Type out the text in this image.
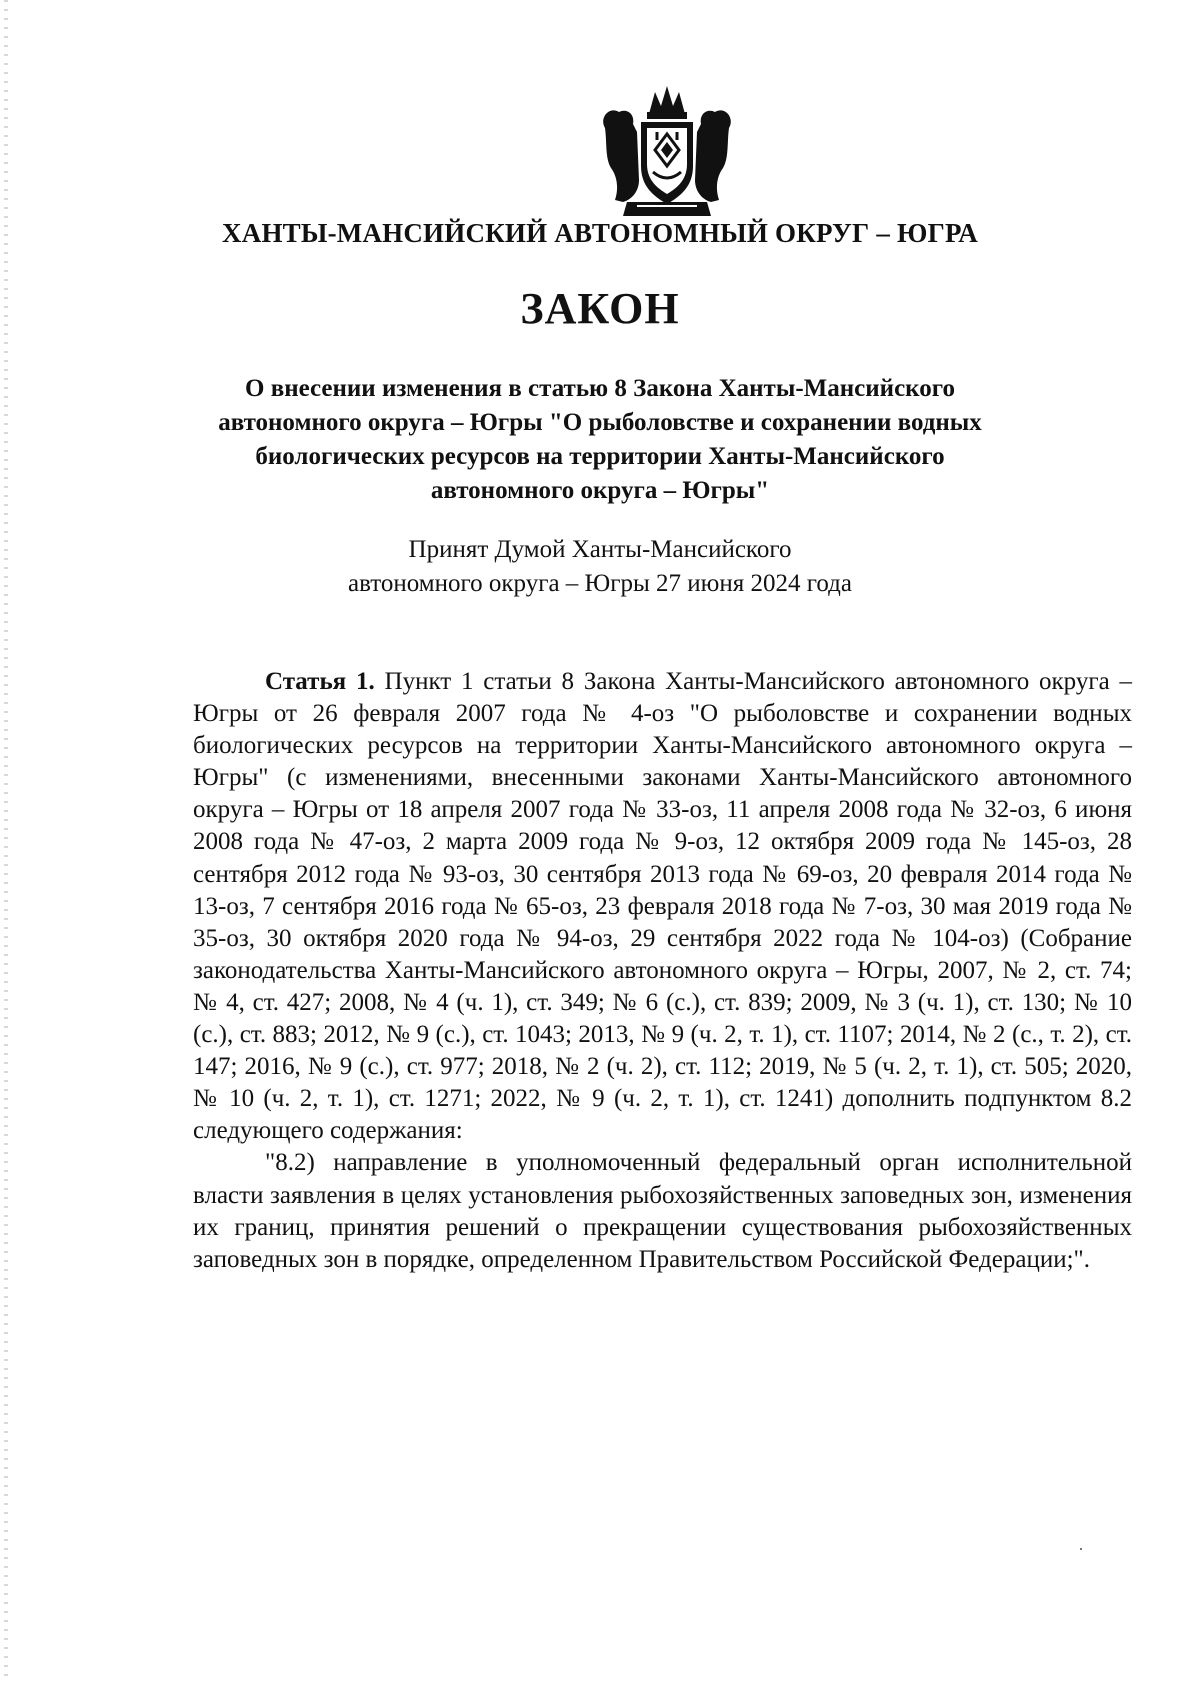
ХАНТЫ-МАНСИЙСКИЙ АВТОНОМНЫЙ ОКРУГ – ЮГРА
ЗАКОН
О внесении изменения в статью 8 Закона Ханты-Мансийского
автономного округа – Югры "О рыболовстве и сохранении водных
биологических ресурсов на территории Ханты-Мансийского
автономного округа – Югры"
Принят Думой Ханты-Мансийского
автономного округа – Югры 27 июня 2024 года

Статья 1. Пункт 1 статьи 8 Закона Ханты-Мансийского автономного округа – Югры от 26 февраля 2007 года № 4-оз "О рыболовстве и сохранении водных биологических ресурсов на территории Ханты-Мансийского автономного округа – Югры" (с изменениями, внесенными законами Ханты-Мансийского автономного округа – Югры от 18 апреля 2007 года № 33-оз, 11 апреля 2008 года № 32-оз, 6 июня 2008 года № 47-оз, 2 марта 2009 года № 9-оз, 12 октября 2009 года № 145-оз, 28 сентября 2012 года № 93-оз, 30 сентября 2013 года № 69-оз, 20 февраля 2014 года № 13-оз, 7 сентября 2016 года № 65-оз, 23 февраля 2018 года № 7-оз, 30 мая 2019 года № 35-оз, 30 октября 2020 года № 94-оз, 29 сентября 2022 года № 104-оз) (Собрание законодательства Ханты-Мансийского автономного округа – Югры, 2007, № 2, ст. 74; № 4, ст. 427; 2008, № 4 (ч. 1), ст. 349; № 6 (с.), ст. 839; 2009, № 3 (ч. 1), ст. 130; № 10 (с.), ст. 883; 2012, № 9 (с.), ст. 1043; 2013, № 9 (ч. 2, т. 1), ст. 1107; 2014, № 2 (с., т. 2), ст. 147; 2016, № 9 (с.), ст. 977; 2018, № 2 (ч. 2), ст. 112; 2019, № 5 (ч. 2, т. 1), ст. 505; 2020, № 10 (ч. 2, т. 1), ст. 1271; 2022, № 9 (ч. 2, т. 1), ст. 1241) дополнить подпунктом 8.2 следующего содержания:

"8.2) направление в уполномоченный федеральный орган исполнительной власти заявления в целях установления рыбохозяйственных заповедных зон, изменения их границ, принятия решений о прекращении существования рыбохозяйственных заповедных зон в порядке, определенном Правительством Российской Федерации;".
